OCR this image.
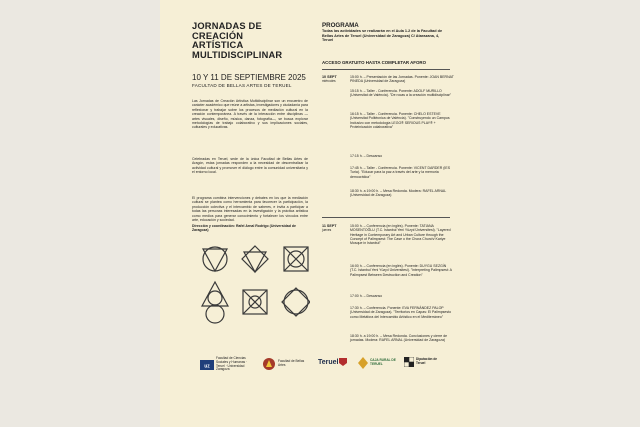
JORNADAS DE
CREACIÓN
ARTÍSTICA
MULTIDISCIPLINAR
10 Y 11 DE SEPTIEMBRE 2025
FACULTAD DE BELLAS ARTES DE TERUEL
Las Jornadas de Creación Artística Multidisciplinar son un encuentro de carácter académico que reúne a artistas, investigadores y ciudadanía para reflexionar y trabajar sobre los procesos de mediación cultural en la creación contemporánea. A través de la interacción entre disciplinas —artes visuales, diseño, música, danza, fotografía—, se busca explorar metodologías de trabajo colaborativo y sus implicaciones sociales, culturales y educativas.
Celebradas en Teruel, sede de la única Facultad de Bellas Artes de Aragón, estas jornadas responden a la necesidad de descentralizar la actividad cultural y promover el diálogo entre la comunidad universitaria y el entorno local.
El programa combina intervenciones y debates en los que la mediación cultural se plantea como herramienta para favorecer la participación, la producción colectiva y el intercambio de saberes, e invita a participar a todas las personas interesadas en la investigación y la práctica artística como medios para generar conocimiento y fortalecer los vínculos entre arte, educación y sociedad.
Dirección y coordinación: Rafel Arnal Rodrigo (Universidad de Zaragoza)
PROGRAMA
Todas las actividades se realizarán en el Aula 1.2 de la Facultad de Bellas Artes de Teruel (Universidad de Zaragoza) C/ Atarazana, 4, Teruel
ACCESO GRATUITO HASTA COMPLETAR AFORO
10 SEPT
miércoles
15:00 h. – Presentación de las Jornadas. Ponente: JOAN BERNAT PINEDA (Universidad de Zaragoza)
15:15 h. – Taller - Conferencia. Ponente: ADOLF MURILLO (Universitat de València). "De rocas a la creación multidisciplinar"
16:15 h. – Taller - Conferencia. Ponente: CHELO ESTEVE (Universitat Politècnica de València). "Construyendo un Campus Inclusivo con metodología LEGO® SERIOUS PLAY® + Proteinicación colaborativa"
17:15 h. – Descanso
17:45 h. – Taller - Conferencia. Ponente: VICENT DARDER (IES Turia). "Educar para la paz a través del arte y la memoria democrática"
18:30 h. a 19:00 h. – Mesa Redonda. Modera: RAFEL ARNAL (Universidad de Zaragoza)
11 SEPT
jueves
15:00 h. – Conferencia (en inglés). Ponente: TATIANA MOSENTOĞLU (T.C. İstanbul Yeni Yüzyıl Üniversitesi). "Layered Heritage in Contemporary Art and Urban Culture through the Concept of Palimpsest: The Case o the Chora Church/ Kariye Mosque in Istanbul"
16:00 h. – Conferencia (en inglés). Ponente: DUYGU SEZGİN (T.C. İstanbul Yeni Yüzyıl Üniversitesi). "Interpreting Palimpsest: A Palimpsest Between Destruction and Creation"
17:00 h. – Descanso
17:30 h. – Conferencia. Ponente: EVA FERNÁNDEZ PALOP (Universidad de Zaragoza). "Territorios en Capas: El Palimpsesto como Metáfora del Intercambio Artístico en el Mediterráneo"
18:30 h. a 19:00 h. – Mesa Redonda. Conclusiones y cierre de jornadas. Modera: RAFEL ARNAL (Universidad de Zaragoza)
uz
Facultad de Ciencias Sociales y Humanas · Teruel · Universidad Zaragoza
Facultad de Bellas Artes	Teruel	CAJA RURAL DE TERUEL
Diputación de Teruel
